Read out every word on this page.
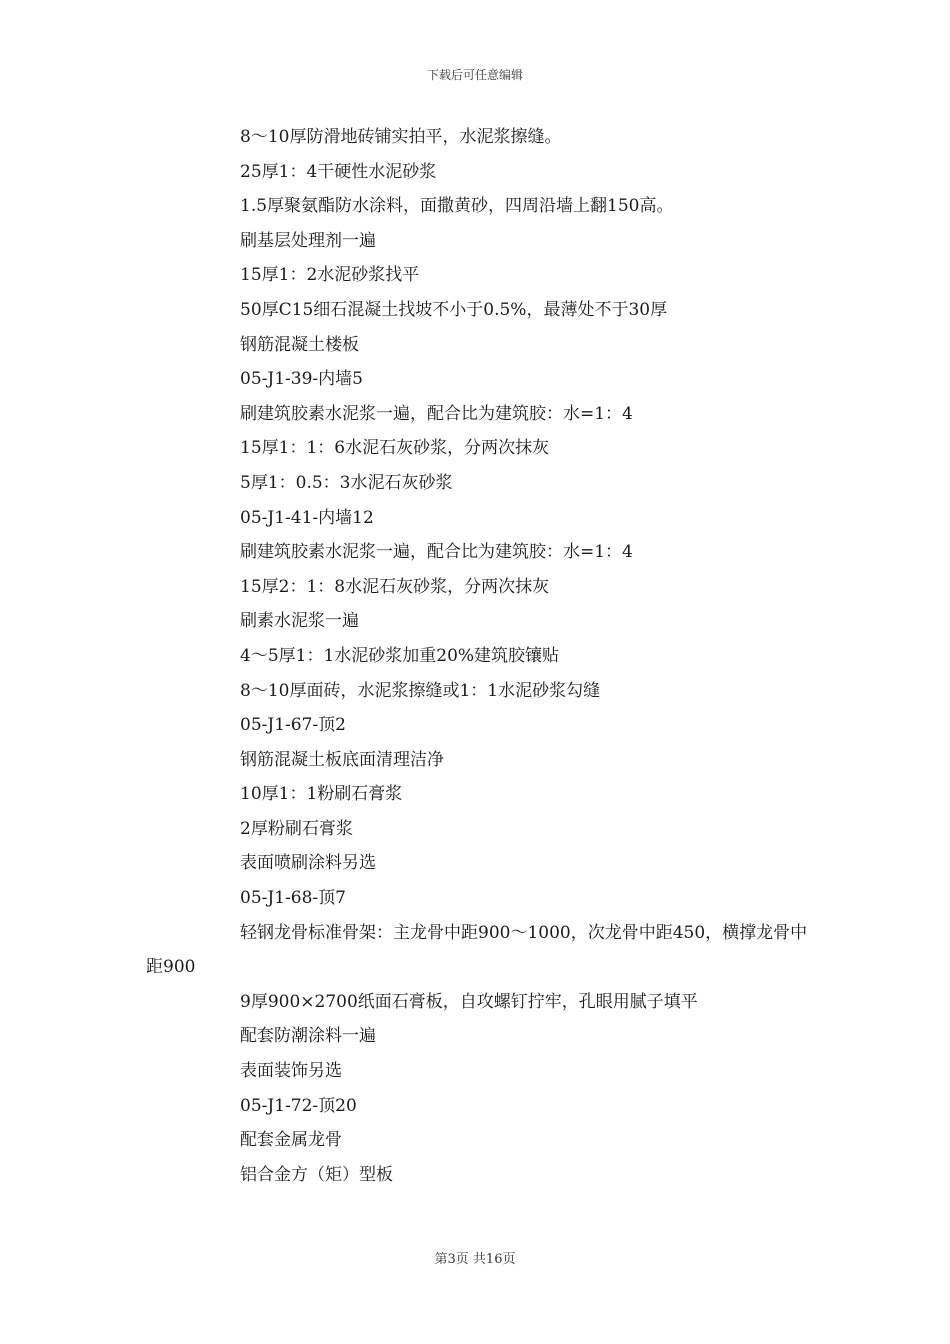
下载后可任意编辑
8～10厚防滑地砖铺实拍平，水泥浆擦缝。
25厚1：4干硬性水泥砂浆
1.5厚聚氨酯防水涂料，面撒黄砂，四周沿墙上翻150高。
刷基层处理剂一遍
15厚1：2水泥砂浆找平
50厚C15细石混凝土找坡不小于0.5%，最薄处不于30厚
钢筋混凝土楼板
05-J1-39-内墙5
刷建筑胶素水泥浆一遍，配合比为建筑胶：水=1：4
15厚1：1：6水泥石灰砂浆，分两次抹灰
5厚1：0.5：3水泥石灰砂浆
05-J1-41-内墙12
刷建筑胶素水泥浆一遍，配合比为建筑胶：水=1：4
15厚2：1：8水泥石灰砂浆，分两次抹灰
刷素水泥浆一遍
4～5厚1：1水泥砂浆加重20%建筑胶镶贴
8～10厚面砖，水泥浆擦缝或1：1水泥砂浆勾缝
05-J1-67-顶2
钢筋混凝土板底面清理洁净
10厚1：1粉刷石膏浆
2厚粉刷石膏浆
表面喷刷涂料另选
05-J1-68-顶7
轻钢龙骨标准骨架：主龙骨中距900～1000，次龙骨中距450，横撑龙骨中距900
9厚900×2700纸面石膏板，自攻螺钉拧牢，孔眼用腻子填平
配套防潮涂料一遍
表面装饰另选
05-J1-72-顶20
配套金属龙骨
铝合金方（矩）型板
第3页 共16页
